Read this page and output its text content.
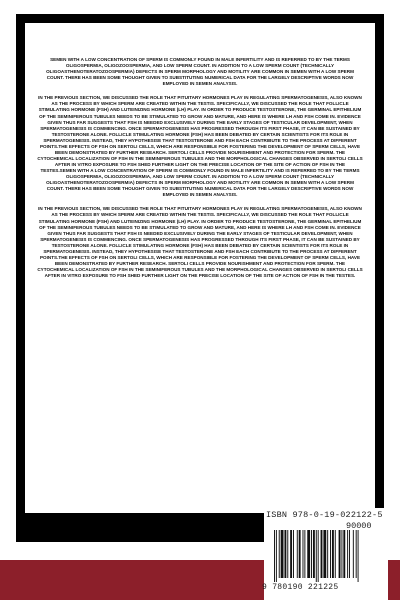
SEMEN WITH A LOW CONCENTRATION OF SPERM IS COMMONLY FOUND IN MALE INFERTILITY AND IS REFERRED TO BY THE TERMS OLIGOSPERMIA, OLIGOZOOSPERMIA, AND LOW SPERM COUNT. IN ADDITION TO A LOW SPERM COUNT (TECHNICALLY OLIGOASTHENOTERATOZOOSPERMIA) DEFECTS IN SPERM MORPHOLOGY AND MOTILITY ARE COMMON IN SEMEN WITH A LOW SPERM COUNT. THERE HAS BEEN SOME THOUGHT GIVEN TO SUBSTITUTING NUMERICAL DATA FOR THE LARGELY DESCRIPTIVE WORDS NOW EMPLOYED IN SEMEN ANALYSIS.

IN THE PREVIOUS SECTION, WE DISCUSSED THE ROLE THAT PITUITARY HORMONES PLAY IN REGULATING SPERMATOGENESIS, ALSO KNOWN AS THE PROCESS BY WHICH SPERM ARE CREATED WITHIN THE TESTIS. SPECIFICALLY, WE DISCUSSED THE ROLE THAT FOLLICLE STIMULATING HORMONE (FSH) AND LUTEINIZING HORMONE (LH) PLAY. IN ORDER TO PRODUCE TESTOSTERONE, THE GERMINAL EPITHELIUM OF THE SEMINIFEROUS TUBULES NEEDS TO BE STIMULATED TO GROW AND MATURE, AND HERE IS WHERE LH AND FSH COME IN. EVIDENCE GIVEN THUS FAR SUGGESTS THAT FSH IS NEEDED EXCLUSIVELY DURING THE EARLY STAGES OF TESTICULAR DEVELOPMENT, WHEN SPERMATOGENESIS IS COMMENCING. ONCE SPERMATOGENESIS HAS PROGRESSED THROUGH ITS FIRST PHASE, IT CAN BE SUSTAINED BY TESTOSTERONE ALONE. FOLLICLE STIMULATING HORMONE (FSH) HAS BEEN DEBATED BY CERTAIN SCIENTISTS FOR ITS ROLE IN SPERMATOGENESIS. INSTEAD, THEY HYPOTHESISE THAT TESTOSTERONE AND FSH EACH CONTRIBUTE TO THE PROCESS AT DIFFERENT POINTS.THE EFFECTS OF FSH ON SERTOLI CELLS, WHICH ARE RESPONSIBLE FOR FOSTERING THE DEVELOPMENT OF SPERM CELLS, HAVE BEEN DEMONSTRATED BY FURTHER RESEARCH. SERTOLI CELLS PROVIDE NOURISHMENT AND PROTECTION FOR SPERM. THE CYTOCHEMICAL LOCALIZATION OF FSH IN THE SEMINIFEROUS TUBULES AND THE MORPHOLOGICAL CHANGES OBSERVED IN SERTOLI CELLS AFTER IN VITRO EXPOSURE TO FSH SHED FURTHER LIGHT ON THE PRECISE LOCATION OF THE SITE OF ACTION OF FSH IN THE TESTES.SEMEN WITH A LOW CONCENTRATION OF SPERM IS COMMONLY FOUND IN MALE INFERTILITY AND IS REFERRED TO BY THE TERMS OLIGOSPERMIA, OLIGOZOOSPERMIA, AND LOW SPERM COUNT. IN ADDITION TO A LOW SPERM COUNT (TECHNICALLY OLIGOASTHENOTERATOZOOSPERMIA) DEFECTS IN SPERM MORPHOLOGY AND MOTILITY ARE COMMON IN SEMEN WITH A LOW SPERM COUNT. THERE HAS BEEN SOME THOUGHT GIVEN TO SUBSTITUTING NUMERICAL DATA FOR THE LARGELY DESCRIPTIVE WORDS NOW EMPLOYED IN SEMEN ANALYSIS.

IN THE PREVIOUS SECTION, WE DISCUSSED THE ROLE THAT PITUITARY HORMONES PLAY IN REGULATING SPERMATOGENESIS, ALSO KNOWN AS THE PROCESS BY WHICH SPERM ARE CREATED WITHIN THE TESTIS. SPECIFICALLY, WE DISCUSSED THE ROLE THAT FOLLICLE STIMULATING HORMONE (FSH) AND LUTEINIZING HORMONE (LH) PLAY. IN ORDER TO PRODUCE TESTOSTERONE, THE GERMINAL EPITHELIUM OF THE SEMINIFEROUS TUBULES NEEDS TO BE STIMULATED TO GROW AND MATURE, AND HERE IS WHERE LH AND FSH COME IN. EVIDENCE GIVEN THUS FAR SUGGESTS THAT FSH IS NEEDED EXCLUSIVELY DURING THE EARLY STAGES OF TESTICULAR DEVELOPMENT, WHEN SPERMATOGENESIS IS COMMENCING. ONCE SPERMATOGENESIS HAS PROGRESSED THROUGH ITS FIRST PHASE, IT CAN BE SUSTAINED BY TESTOSTERONE ALONE. FOLLICLE STIMULATING HORMONE (FSH) HAS BEEN DEBATED BY CERTAIN SCIENTISTS FOR ITS ROLE IN SPERMATOGENESIS. INSTEAD, THEY HYPOTHESISE THAT TESTOSTERONE AND FSH EACH CONTRIBUTE TO THE PROCESS AT DIFFERENT POINTS.THE EFFECTS OF FSH ON SERTOLI CELLS, WHICH ARE RESPONSIBLE FOR FOSTERING THE DEVELOPMENT OF SPERM CELLS, HAVE BEEN DEMONSTRATED BY FURTHER RESEARCH. SERTOLI CELLS PROVIDE NOURISHMENT AND PROTECTION FOR SPERM. THE CYTOCHEMICAL LOCALIZATION OF FSH IN THE SEMINIFEROUS TUBULES AND THE MORPHOLOGICAL CHANGES OBSERVED IN SERTOLI CELLS AFTER IN VITRO EXPOSURE TO FSH SHED FURTHER LIGHT ON THE PRECISE LOCATION OF THE SITE OF ACTION OF FSH IN THE TESTES.

ISBN 978-0-19-022122-5
90000
9 780190 221225
